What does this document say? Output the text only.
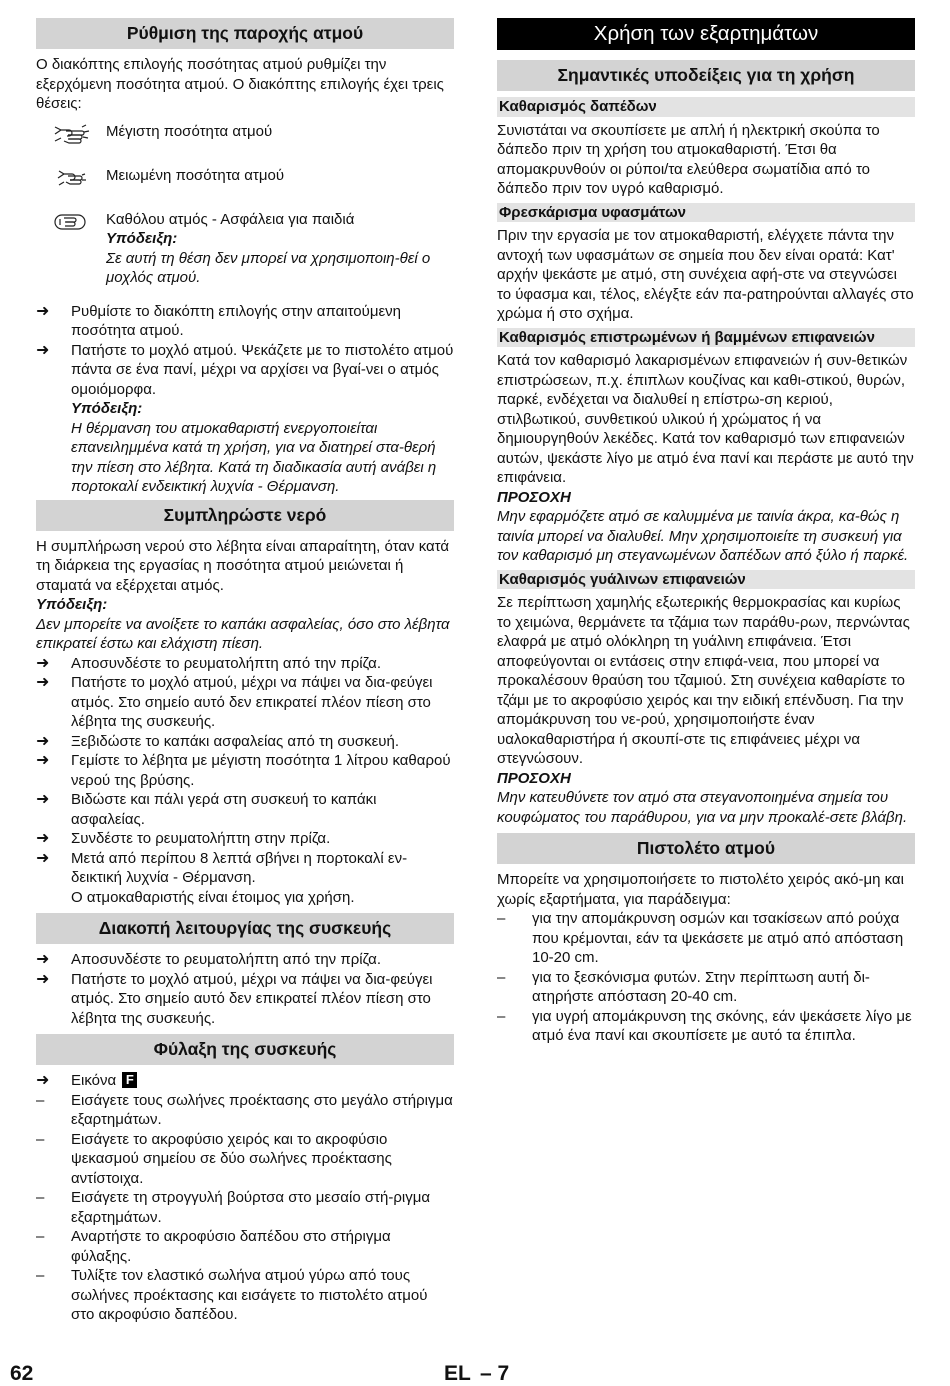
Ρύθμιση της παροχής ατμού

Ο διακόπτης επιλογής ποσότητας ατμού ρυθμίζει την εξερχόμενη ποσότητα ατμού. Ο διακόπτης επιλογής έχει τρεις θέσεις:

Μέγιστη ποσότητα ατμού
Μειωμένη ποσότητα ατμού
Καθόλου ατμός - Ασφάλεια για παιδιά
Υπόδειξη:
Σε αυτή τη θέση δεν μπορεί να χρησιμοποιη-θεί ο μοχλός ατμού.
➜	Ρυθμίστε το διακόπτη επιλογής στην απαιτούμενη ποσότητα ατμού.
➜	Πατήστε το μοχλό ατμού. Ψεκάζετε με το πιστολέτο ατμού πάντα σε ένα πανί, μέχρι να αρχίσει να βγαί-νει ο ατμός ομοιόμορφα.
Υπόδειξη:
Η θέρμανση του ατμοκαθαριστή ενεργοποιείται επανειλημμένα κατά τη χρήση, για να διατηρεί στα-θερή την πίεση στο λέβητα. Κατά τη διαδικασία αυτή ανάβει η πορτοκαλί ενδεικτική λυχνία - Θέρμανση.
Συμπληρώστε νερό

Η συμπλήρωση νερού στο λέβητα είναι απαραίτητη, όταν κατά τη διάρκεια της εργασίας η ποσότητα ατμού μειώνεται ή σταματά να εξέρχεται ατμός.

Υπόδειξη:
Δεν μπορείτε να ανοίξετε το καπάκι ασφαλείας, όσο στο λέβητα επικρατεί έστω και ελάχιστη πίεση.
➜	Αποσυνδέστε το ρευματολήπτη από την πρίζα.
➜	Πατήστε το μοχλό ατμού, μέχρι να πάψει να δια-φεύγει ατμός. Στο σημείο αυτό δεν επικρατεί πλέον πίεση στο λέβητα της συσκευής.
➜	Ξεβιδώστε το καπάκι ασφαλείας από τη συσκευή.
➜	Γεμίστε το λέβητα με μέγιστη ποσότητα 1 λίτρου καθαρού νερού της βρύσης.
➜	Βιδώστε και πάλι γερά στη συσκευή το καπάκι ασφαλείας.
➜	Συνδέστε το ρευματολήπτη στην πρίζα.
➜	Μετά από περίπου 8 λεπτά σβήνει η πορτοκαλί εν-δεικτική λυχνία - Θέρμανση.
Ο ατμοκαθαριστής είναι έτοιμος για χρήση.
Διακοπή λειτουργίας της συσκευής
➜	Αποσυνδέστε το ρευματολήπτη από την πρίζα.
➜	Πατήστε το μοχλό ατμού, μέχρι να πάψει να δια-φεύγει ατμός. Στο σημείο αυτό δεν επικρατεί πλέον πίεση στο λέβητα της συσκευής.
Φύλαξη της συσκευής
➜	Εικόνα F
–	Εισάγετε τους σωλήνες προέκτασης στο μεγάλο στήριγμα εξαρτημάτων.
–	Εισάγετε το ακροφύσιο χειρός και το ακροφύσιο ψεκασμού σημείου σε δύο σωλήνες προέκτασης αντίστοιχα.
–	Εισάγετε τη στρογγυλή βούρτσα στο μεσαίο στή-ριγμα εξαρτημάτων.
–	Αναρτήστε το ακροφύσιο δαπέδου στο στήριγμα φύλαξης.
–	Τυλίξτε τον ελαστικό σωλήνα ατμού γύρω από τους σωλήνες προέκτασης και εισάγετε το πιστολέτο ατμού στο ακροφύσιο δαπέδου.
Χρήση των εξαρτημάτων
Σημαντικές υποδείξεις για τη χρήση
Καθαρισμός δαπέδων

Συνιστάται να σκουπίσετε με απλή ή ηλεκτρική σκούπα το δάπεδο πριν τη χρήση του ατμοκαθαριστή. Έτσι θα απομακρυνθούν οι ρύποι/τα ελεύθερα σωματίδια από το δάπεδο πριν τον υγρό καθαρισμό.

Φρεσκάρισμα υφασμάτων

Πριν την εργασία με τον ατμοκαθαριστή, ελέγχετε πάντα την αντοχή των υφασμάτων σε σημεία που δεν είναι ορατά: Κατ' αρχήν ψεκάστε με ατμό, στη συνέχεια αφή-στε να στεγνώσει το ύφασμα και, τέλος, ελέγξτε εάν πα-ρατηρούνται αλλαγές στο χρώμα ή στο σχήμα.

Καθαρισμός επιστρωμένων ή βαμμένων επιφανειών

Κατά τον καθαρισμό λακαρισμένων επιφανειών ή συν-θετικών επιστρώσεων, π.χ. έπιπλων κουζίνας και καθι-στικού, θυρών, παρκέ, ενδέχεται να διαλυθεί η επίστρω-ση κεριού, στιλβωτικού, συνθετικού υλικού ή χρώματος ή να δημιουργηθούν λεκέδες. Κατά τον καθαρισμό των επιφανειών αυτών, ψεκάστε λίγο με ατμό ένα πανί και περάστε με αυτό την επιφάνεια.

ΠΡΟΣΟΧΗ
Μην εφαρμόζετε ατμό σε καλυμμένα με ταινία άκρα, κα-θώς η ταινία μπορεί να διαλυθεί. Μην χρησιμοποιείτε τη συσκευή για τον καθαρισμό μη στεγανωμένων δαπέδων από ξύλο ή παρκέ.
Καθαρισμός γυάλινων επιφανειών

Σε περίπτωση χαμηλής εξωτερικής θερμοκρασίας και κυρίως το χειμώνα, θερμάνετε τα τζάμια των παράθυ-ρων, περνώντας ελαφρά με ατμό ολόκληρη τη γυάλινη επιφάνεια. Έτσι αποφεύγονται οι εντάσεις στην επιφά-νεια, που μπορεί να προκαλέσουν θραύση του τζαμιού. Στη συνέχεια καθαρίστε το τζάμι με το ακροφύσιο χειρός και την ειδική επένδυση. Για την απομάκρυνση του νε-ρού, χρησιμοποιήστε έναν υαλοκαθαριστήρα ή σκουπί-στε τις επιφάνειες μέχρι να στεγνώσουν.

ΠΡΟΣΟΧΗ
Μην κατευθύνετε τον ατμό στα στεγανοποιημένα σημεία του κουφώματος του παράθυρου, για να μην προκαλέ-σετε βλάβη.
Πιστολέτο ατμού

Μπορείτε να χρησιμοποιήσετε το πιστολέτο χειρός ακό-μη και χωρίς εξαρτήματα, για παράδειγμα:

–	για την απομάκρυνση οσμών και τσακίσεων από ρούχα που κρέμονται, εάν τα ψεκάσετε με ατμό από απόσταση 10-20 cm.
–	για το ξεσκόνισμα φυτών. Στην περίπτωση αυτή δι-ατηρήστε απόσταση 20-40 cm.
–	για υγρή απομάκρυνση της σκόνης, εάν ψεκάσετε λίγο με ατμό ένα πανί και σκουπίσετε με αυτό τα έπιπλα.
62	EL – 7
